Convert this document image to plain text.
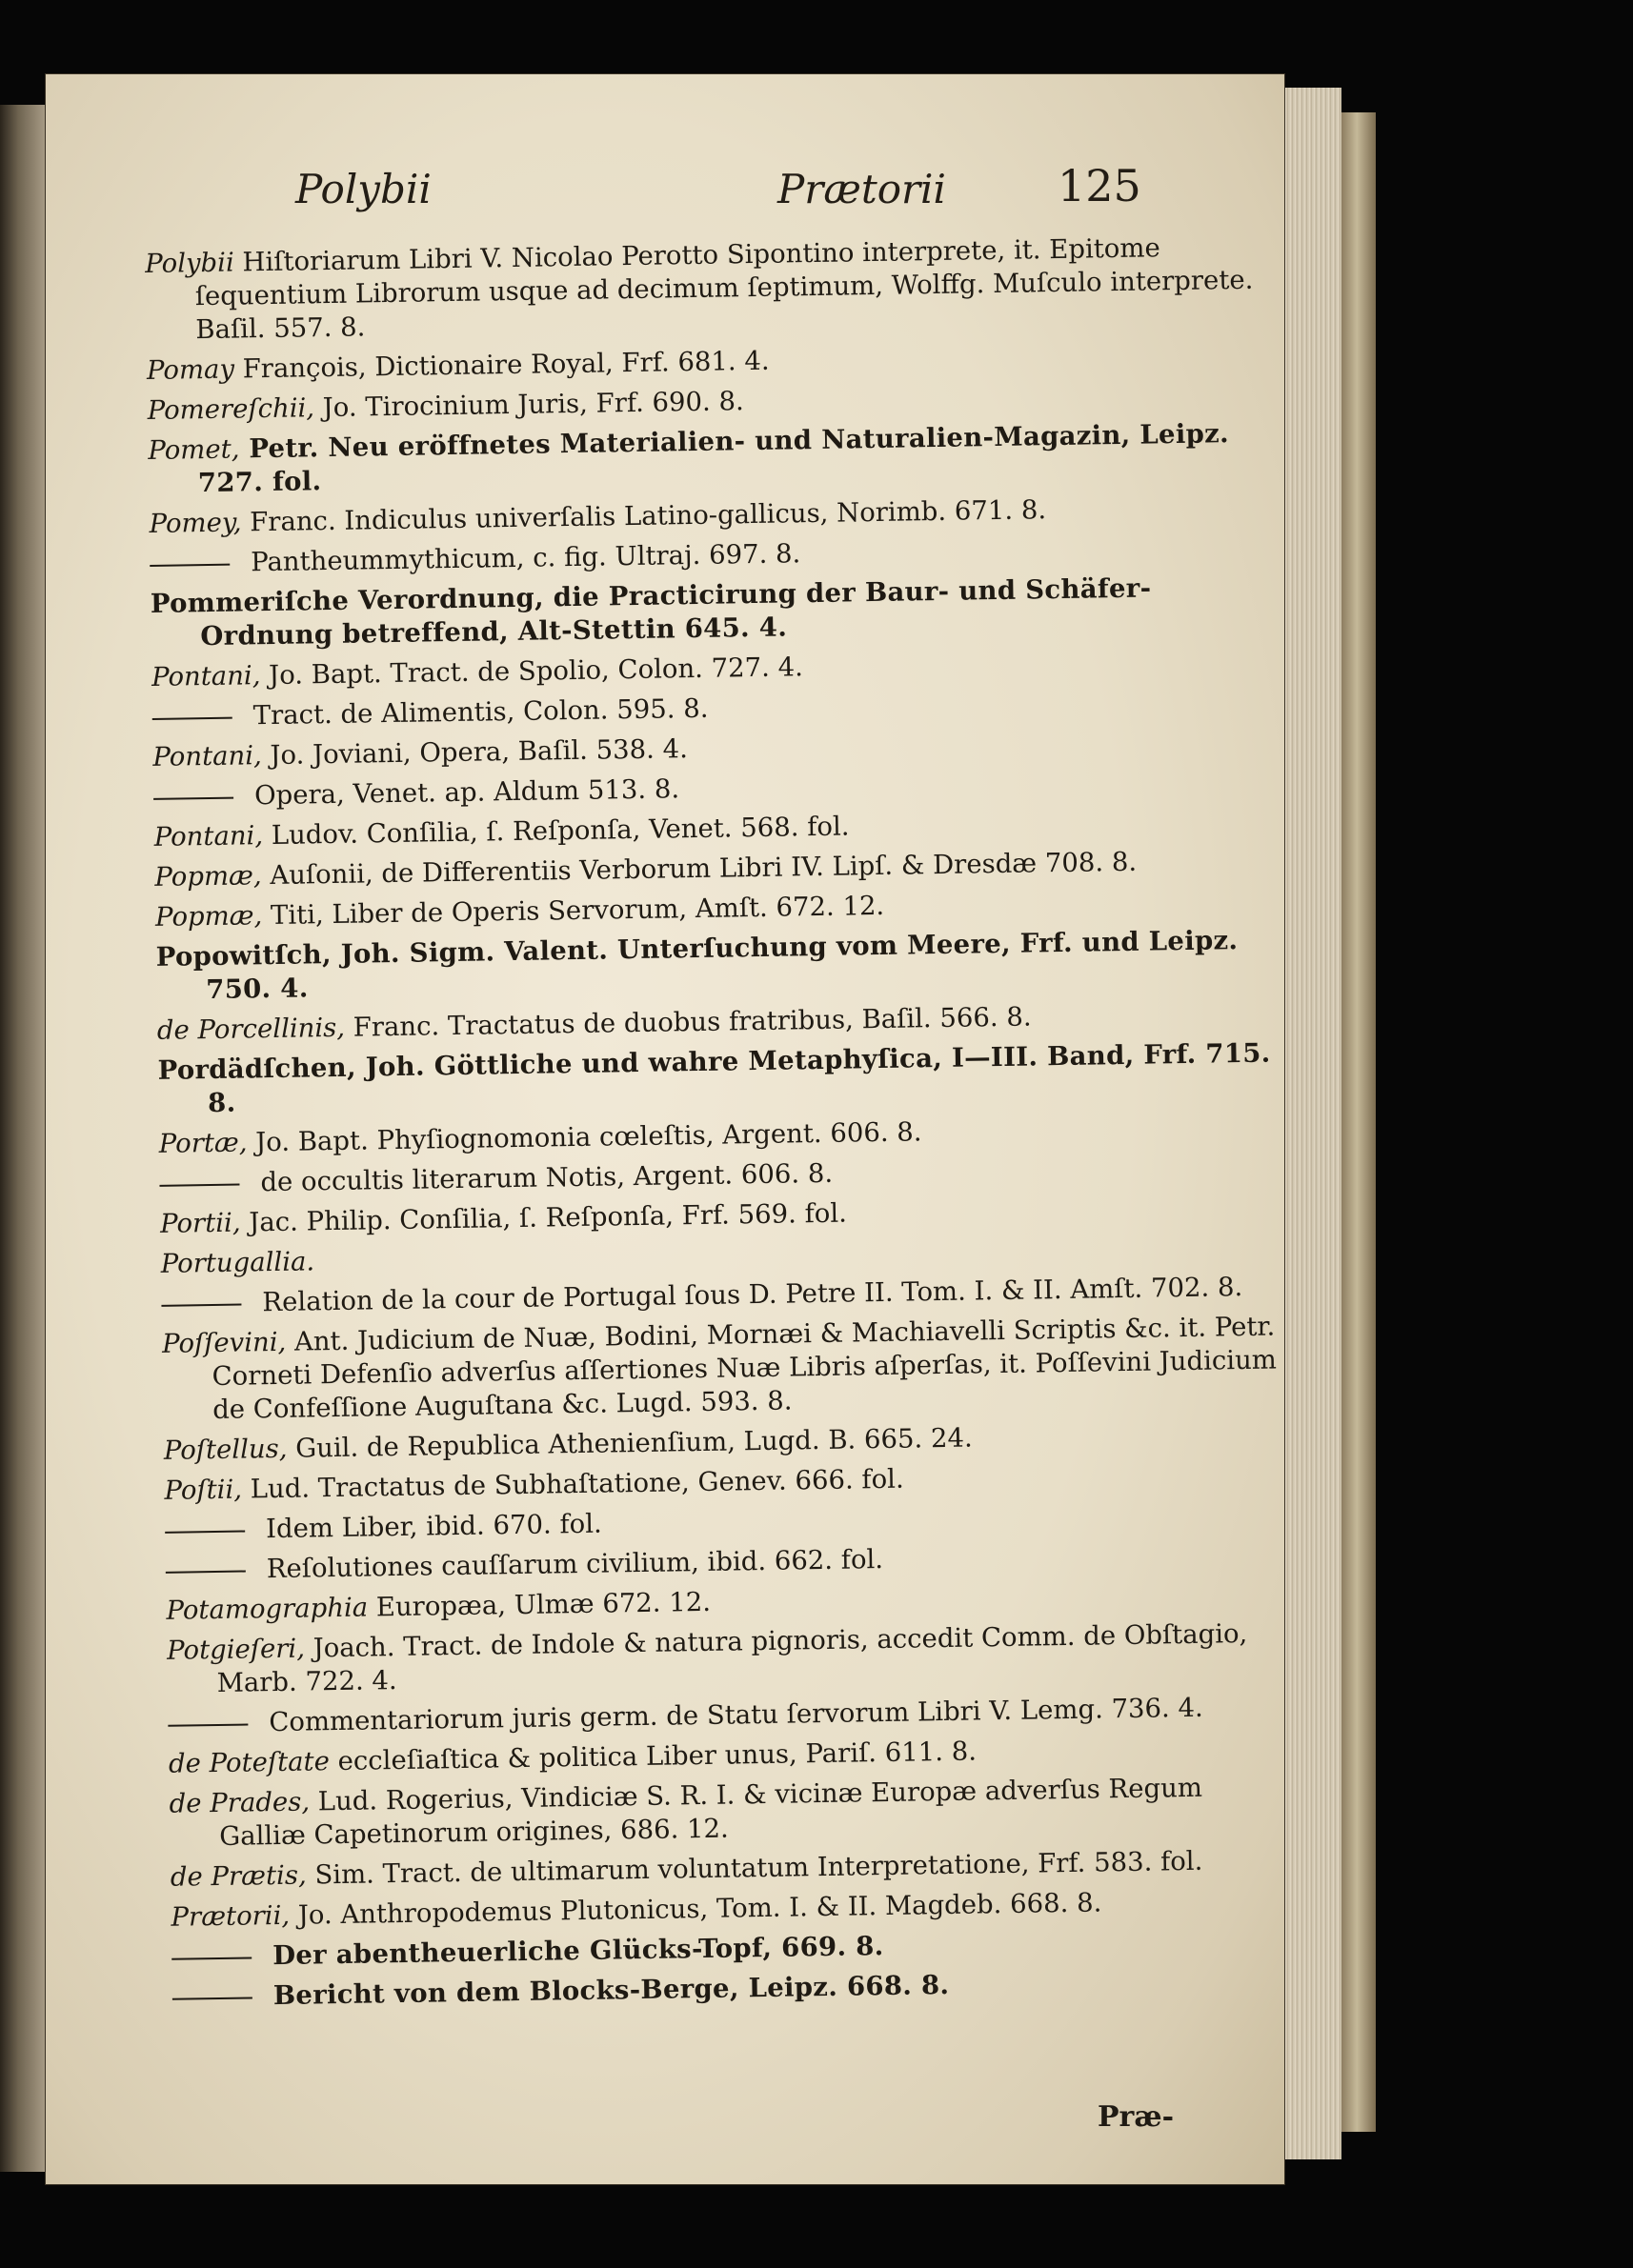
Polybii	Prætorii	125

Polybii Hiſtoriarum Libri V. Nicolao Perotto Sipontino interprete, it. Epitome ſequentium Librorum usque ad decimum ſeptimum, Wolffg. Muſculo interprete. Baſil. 557. 8.

Pomay François, Dictionaire Royal, Frf. 681. 4.

Pomereſchii, Jo. Tirocinium Juris, Frf. 690. 8.

Pomet, Petr. Neu eröffnetes Materialien- und Naturalien-Magazin, Leipz. 727. fol.

Pomey, Franc. Indiculus univerſalis Latino-gallicus, Norimb. 671. 8.

Pantheummythicum, c. fig. Ultraj. 697. 8.

Pommeriſche Verordnung, die Practicirung der Baur- und Schäfer-Ordnung betreffend, Alt-Stettin 645. 4.

Pontani, Jo. Bapt. Tract. de Spolio, Colon. 727. 4.

Tract. de Alimentis, Colon. 595. 8.

Pontani, Jo. Joviani, Opera, Baſil. 538. 4.

Opera, Venet. ap. Aldum 513. 8.

Pontani, Ludov. Conſilia, ſ. Reſponſa, Venet. 568. fol.

Popmæ, Auſonii, de Differentiis Verborum Libri IV. Lipſ. & Dresdæ 708. 8.

Popmæ, Titi, Liber de Operis Servorum, Amſt. 672. 12.

Popowitſch, Joh. Sigm. Valent. Unterſuchung vom Meere, Frf. und Leipz. 750. 4.

de Porcellinis, Franc. Tractatus de duobus fratribus, Baſil. 566. 8.

Pordädſchen, Joh. Göttliche und wahre Metaphyſica, I—III. Band, Frf. 715. 8.

Portæ, Jo. Bapt. Phyſiognomonia cœleſtis, Argent. 606. 8.

de occultis literarum Notis, Argent. 606. 8.

Portii, Jac. Philip. Conſilia, ſ. Reſponſa, Frf. 569. fol.

Portugallia.

Relation de la cour de Portugal ſous D. Petre II. Tom. I. & II. Amſt. 702. 8.

Poſſevini, Ant. Judicium de Nuæ, Bodini, Mornæi & Machiavelli Scriptis &c. it. Petr. Corneti Defenſio adverſus aſſertiones Nuæ Libris aſperſas, it. Poſſevini Judicium de Confeſſione Auguſtana &c. Lugd. 593. 8.

Poſtellus, Guil. de Republica Athenienſium, Lugd. B. 665. 24.

Poſtii, Lud. Tractatus de Subhaſtatione, Genev. 666. fol.

Idem Liber, ibid. 670. fol.

Reſolutiones cauſſarum civilium, ibid. 662. fol.

Potamographia Europæa, Ulmæ 672. 12.

Potgieſeri, Joach. Tract. de Indole & natura pignoris, accedit Comm. de Obſtagio, Marb. 722. 4.

Commentariorum juris germ. de Statu ſervorum Libri V. Lemg. 736. 4.

de Poteſtate eccleſiaſtica & politica Liber unus, Pariſ. 611. 8.

de Prades, Lud. Rogerius, Vindiciæ S. R. I. & vicinæ Europæ adverſus Regum Galliæ Capetinorum origines, 686. 12.

de Prætis, Sim. Tract. de ultimarum voluntatum Interpretatione, Frf. 583. fol.

Prætorii, Jo. Anthropodemus Plutonicus, Tom. I. & II. Magdeb. 668. 8.

Der abentheuerliche Glücks-Topf, 669. 8.

Bericht von dem Blocks-Berge, Leipz. 668. 8.

Præ-
